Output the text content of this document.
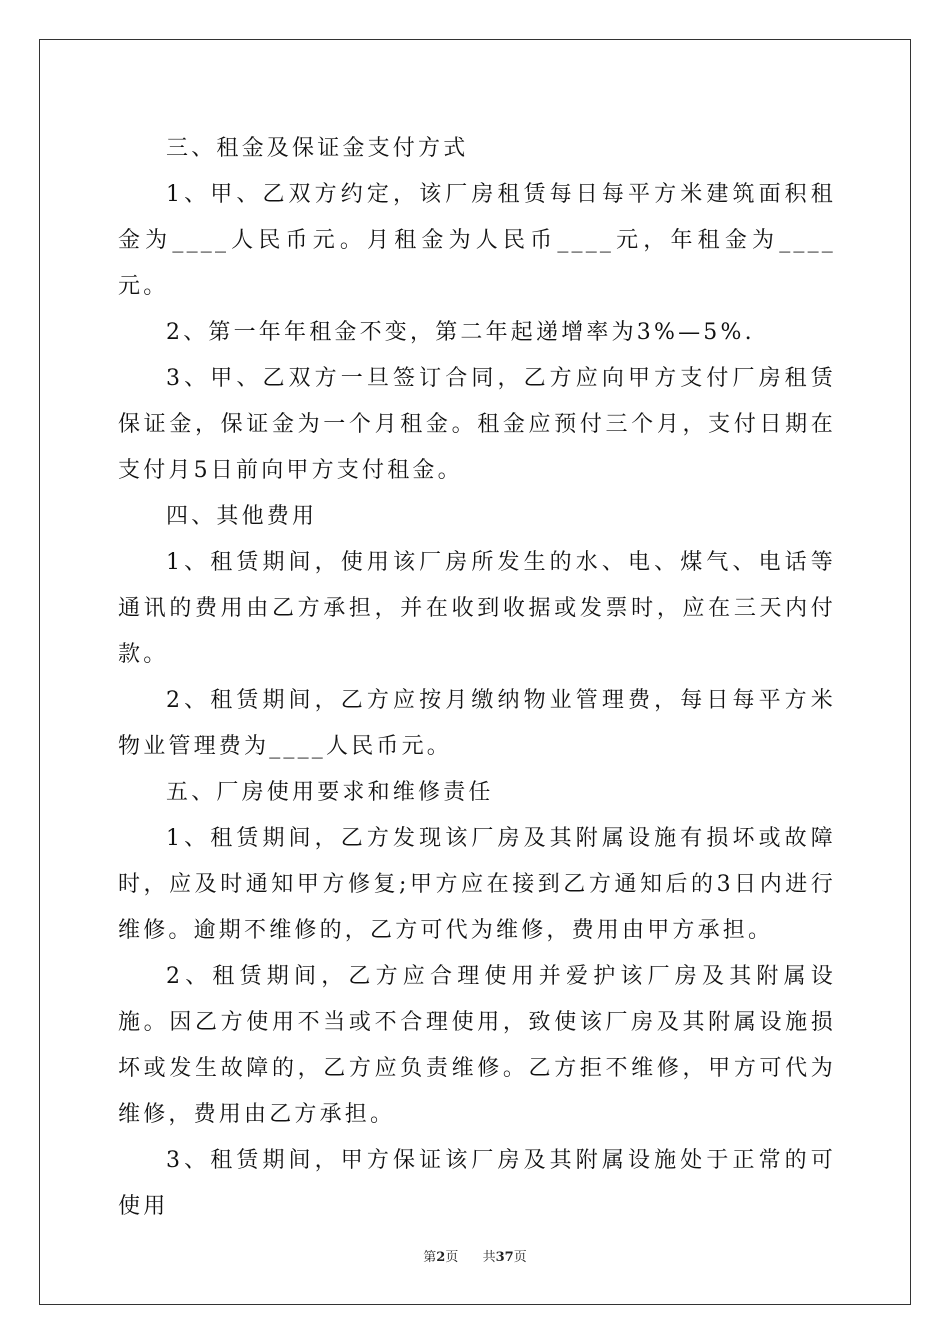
三、租金及保证金支付方式

1、甲、乙双方约定，该厂房租赁每日每平方米建筑面积租金为____人民币元。月租金为人民币____元，年租金为____元。

2、第一年年租金不变，第二年起递增率为3%—5%.

3、甲、乙双方一旦签订合同，乙方应向甲方支付厂房租赁保证金，保证金为一个月租金。租金应预付三个月，支付日期在支付月5日前向甲方支付租金。

四、其他费用

1、租赁期间，使用该厂房所发生的水、电、煤气、电话等通讯的费用由乙方承担，并在收到收据或发票时，应在三天内付款。

2、租赁期间，乙方应按月缴纳物业管理费，每日每平方米物业管理费为____人民币元。

五、厂房使用要求和维修责任

1、租赁期间，乙方发现该厂房及其附属设施有损坏或故障时，应及时通知甲方修复;甲方应在接到乙方通知后的3日内进行维修。逾期不维修的，乙方可代为维修，费用由甲方承担。

2、租赁期间，乙方应合理使用并爱护该厂房及其附属设施。因乙方使用不当或不合理使用，致使该厂房及其附属设施损坏或发生故障的，乙方应负责维修。乙方拒不维修，甲方可代为维修，费用由乙方承担。

3、租赁期间，甲方保证该厂房及其附属设施处于正常的可使用

第2页 共37页
